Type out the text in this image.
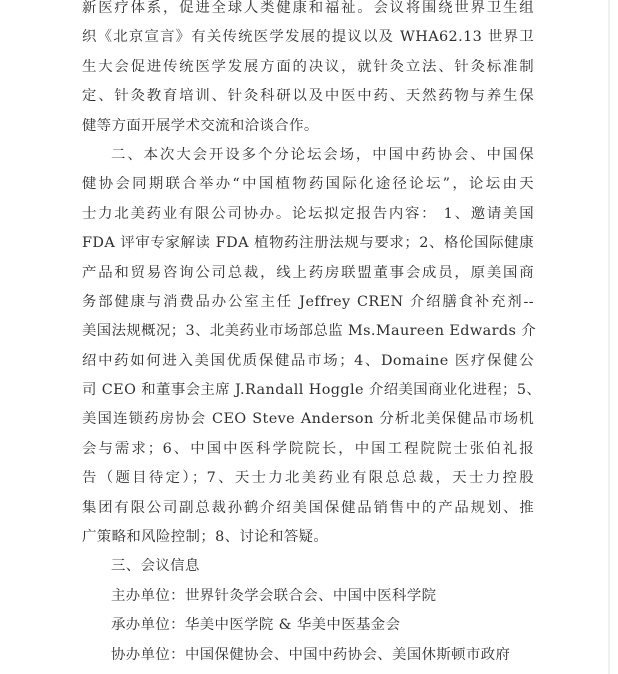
新医疗体系，促进全球人类健康和福祉。会议将围绕世界卫生组
织《北京宣言》有关传统医学发展的提议以及 WHA62.13 世界卫
生大会促进传统医学发展方面的决议，就针灸立法、针灸标准制
定、针灸教育培训、针灸科研以及中医中药、天然药物与养生保
健等方面开展学术交流和洽谈合作。
二、本次大会开设多个分论坛会场，中国中药协会、中国保
健协会同期联合举办“中国植物药国际化途径论坛”，论坛由天
士力北美药业有限公司协办。论坛拟定报告内容： 1、邀请美国
FDA 评审专家解读 FDA 植物药注册法规与要求；2、格伦国际健康
产品和贸易咨询公司总裁，线上药房联盟董事会成员，原美国商
务部健康与消费品办公室主任 Jeffrey CREN 介绍膳食补充剂--
美国法规概况；3、北美药业市场部总监 Ms.Maureen Edwards 介
绍中药如何进入美国优质保健品市场；4、Domaine 医疗保健公
司 CEO 和董事会主席 J.Randall Hoggle 介绍美国商业化进程；5、
美国连锁药房协会 CEO Steve Anderson 分析北美保健品市场机
会与需求；6、中国中医科学院院长，中国工程院院士张伯礼报
告（题目待定）；7、天士力北美药业有限总总裁，天士力控股
集团有限公司副总裁孙鹤介绍美国保健品销售中的产品规划、推
广策略和风险控制；8、讨论和答疑。
三、会议信息
主办单位：世界针灸学会联合会、中国中医科学院
承办单位：华美中医学院 & 华美中医基金会
协办单位：中国保健协会、中国中药协会、美国休斯顿市政府
